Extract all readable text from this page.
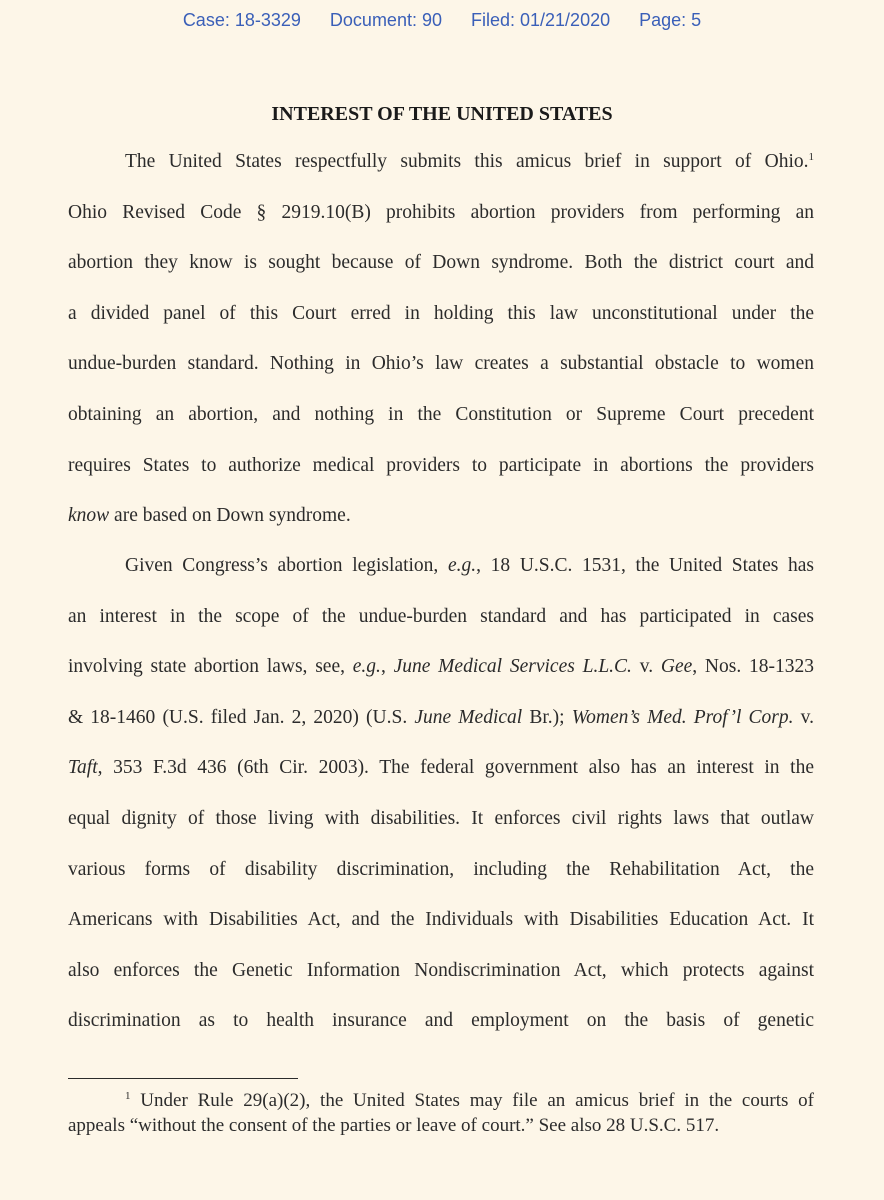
Case: 18-3329 Document: 90 Filed: 01/21/2020 Page: 5
INTEREST OF THE UNITED STATES
The United States respectfully submits this amicus brief in support of Ohio.$^1$
Ohio Revised Code § 2919.10(B) prohibits abortion providers from performing an
abortion they know is sought because of Down syndrome. Both the district court and
a divided panel of this Court erred in holding this law unconstitutional under the
undue-burden standard. Nothing in Ohio’s law creates a substantial obstacle to women
obtaining an abortion, and nothing in the Constitution or Supreme Court precedent
requires States to authorize medical providers to participate in abortions the providers
know are based on Down syndrome.
Given Congress’s abortion legislation, e.g., 18 U.S.C. 1531, the United States has
an interest in the scope of the undue-burden standard and has participated in cases
involving state abortion laws, see, e.g., June Medical Services L.L.C. v. Gee, Nos. 18-1323
& 18-1460 (U.S. filed Jan. 2, 2020) (U.S. June Medical Br.); Women’s Med. Prof’l Corp. v.
Taft, 353 F.3d 436 (6th Cir. 2003). The federal government also has an interest in the
equal dignity of those living with disabilities. It enforces civil rights laws that outlaw
various forms of disability discrimination, including the Rehabilitation Act, the
Americans with Disabilities Act, and the Individuals with Disabilities Education Act. It
also enforces the Genetic Information Nondiscrimination Act, which protects against
discrimination as to health insurance and employment on the basis of genetic
$^1$ Under Rule 29(a)(2), the United States may file an amicus brief in the courts of
appeals “without the consent of the parties or leave of court.” See also 28 U.S.C. 517.
